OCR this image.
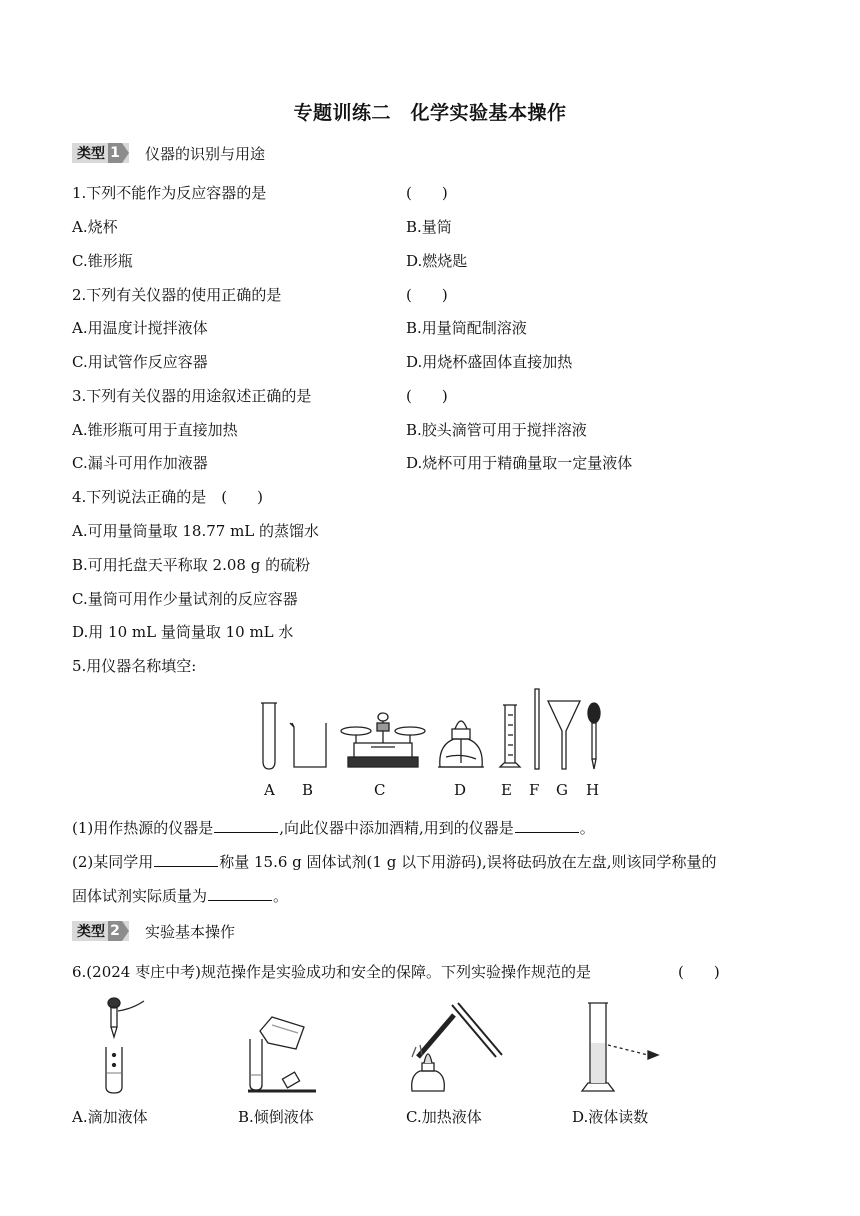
专题训练二　化学实验基本操作
类型 1 仪器的识别与用途
1.下列不能作为反应容器的是	(　　)
A.烧杯	B.量筒
C.锥形瓶	D.燃烧匙
2.下列有关仪器的使用正确的是	(　　)
A.用温度计搅拌液体	B.用量筒配制溶液
C.用试管作反应容器	D.用烧杯盛固体直接加热
3.下列有关仪器的用途叙述正确的是	(　　)
A.锥形瓶可用于直接加热	B.胶头滴管可用于搅拌溶液
C.漏斗可用作加液器	D.烧杯可用于精确量取一定量液体
4.下列说法正确的是　(　　)
A.可用量筒量取 18.77 mL 的蒸馏水
B.可用托盘天平称取 2.08 g 的硫粉
C.量筒可用作少量试剂的反应容器
D.用 10 mL 量筒量取 10 mL 水
5.用仪器名称填空:
A B	C	D E F G H
(1)用作热源的仪器是	,向此仪器中添加酒精,用到的仪器是	。
(2)某同学用	称量 15.6 g 固体试剂(1 g 以下用游码),误将砝码放在左盘,则该同学称量的
固体试剂实际质量为	。
类型 2 实验基本操作
6.(2024 枣庄中考)规范操作是实验成功和安全的保障。下列实验操作规范的是	(　　)
A.滴加液体	B.倾倒液体	C.加热液体	D.液体读数
